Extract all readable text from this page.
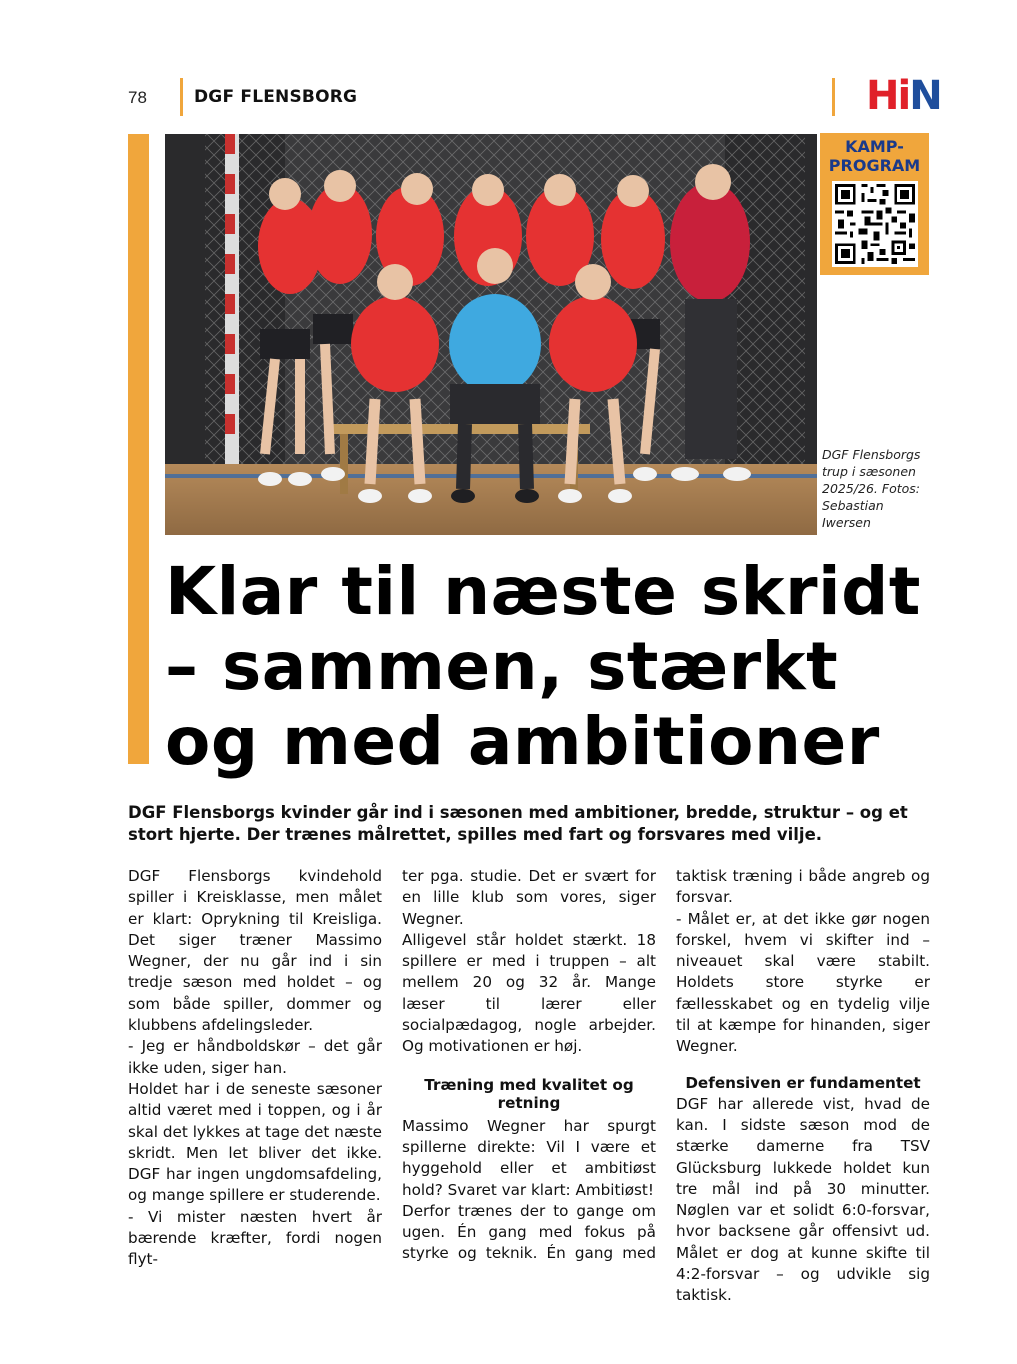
78	DGF FLENSBORG	H i N
KAMP-
PROGRAM
DGF Flensborgs trup i sæsonen 2025/26. Fotos: Sebastian Iwersen
Klar til næste skridt
– sammen, stærkt
og med ambitioner

DGF Flensborgs kvinder går ind i sæsonen med ambitioner, bredde, struktur – og et stort hjerte. Der trænes målrettet, spilles med fart og forsvares med vilje.

DGF Flensborgs kvindehold spiller i Kreisklasse, men målet er klart: Oprykning til Kreisliga. Det siger træner Massimo Wegner, der nu går ind i sin tredje sæson med holdet – og som både spiller, dommer og klubbens afdelingsleder.

- Jeg er håndboldskør – det går ikke uden, siger han.

Holdet har i de seneste sæsoner altid været med i toppen, og i år skal det lykkes at tage det næste skridt. Men let bliver det ikke. DGF har ingen ungdomsafdeling, og mange spillere er studerende.

- Vi mister næsten hvert år bærende kræfter, fordi nogen flyt-

ter pga. studie. Det er svært for en lille klub som vores, siger Wegner.

Alligevel står holdet stærkt. 18 spillere er med i truppen – alt mellem 20 og 32 år. Mange læser til lærer eller socialpædagog, nogle arbejder. Og motivationen er høj.

Træning med kvalitet og retning

Massimo Wegner har spurgt spillerne direkte: Vil I være et hyggehold eller et ambitiøst hold? Svaret var klart: Ambitiøst!

Derfor trænes der to gange om ugen. Én gang med fokus på styrke og teknik. Én gang med

taktisk træning i både angreb og forsvar.

- Målet er, at det ikke gør nogen forskel, hvem vi skifter ind – niveauet skal være stabilt. Holdets store styrke er fællesskabet og en tydelig vilje til at kæmpe for hinanden, siger Wegner.

Defensiven er fundamentet

DGF har allerede vist, hvad de kan. I sidste sæson mod de stærke damerne fra TSV Glücksburg lukkede holdet kun tre mål ind på 30 minutter. Nøglen var et solidt 6:0-forsvar, hvor backsene går offensivt ud. Målet er dog at kunne skifte til 4:2-forsvar – og udvikle sig taktisk.
